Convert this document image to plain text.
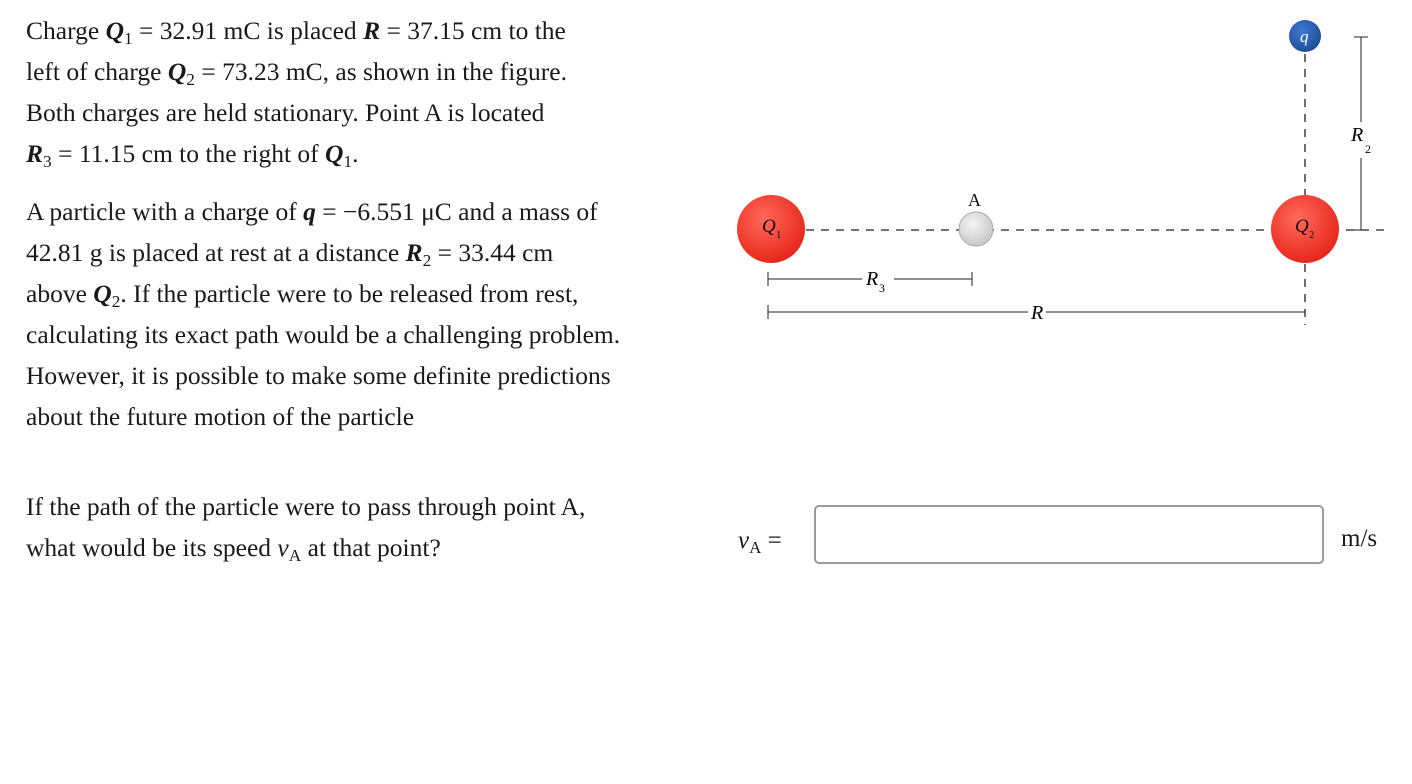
Charge $Q_1 = 32.91$ mC is placed R = 37.15 cm to the
left of charge $Q_2 = 73.23$ mC, as shown in the figure.
Both charges are held stationary. Point A is located
$R_3 = 11.15$ cm to the right of $Q_1$.
A particle with a charge of q = −6.551 μC and a mass of
42.81 g is placed at rest at a distance $R_2 = 33.44$ cm
above $Q_2$. If the particle were to be released from rest,
calculating its exact path would be a challenging problem.
However, it is possible to make some definite predictions
about the future motion of the particle
If the path of the particle were to pass through point A,
what would be its speed $v_A$ at that point?
R 3
R
R
2
Q 1
A
Q 2
q
$v_A$ =	m/s
